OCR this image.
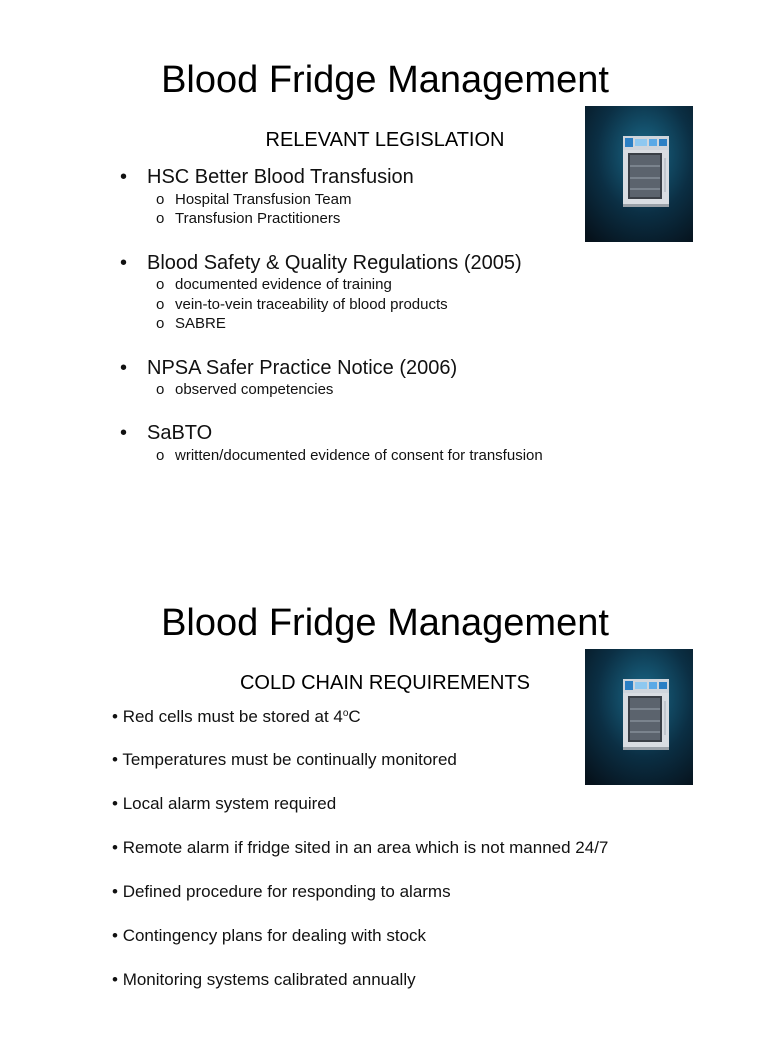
Blood Fridge Management
RELEVANT LEGISLATION
• HSC Better Blood Transfusion
o Hospital Transfusion Team
o Transfusion Practitioners
• Blood Safety & Quality Regulations (2005)
o documented evidence of training
o vein-to-vein traceability of blood products
o SABRE
• NPSA Safer Practice Notice (2006)
o observed competencies
• SaBTO
o written/documented evidence of consent for transfusion
Blood Fridge Management
COLD CHAIN REQUIREMENTS
• Red cells must be stored at 4$^o$C
• Temperatures must be continually monitored
• Local alarm system required
• Remote alarm if fridge sited in an area which is not manned 24/7
• Defined procedure for responding to alarms
• Contingency plans for dealing with stock
• Monitoring systems calibrated annually
